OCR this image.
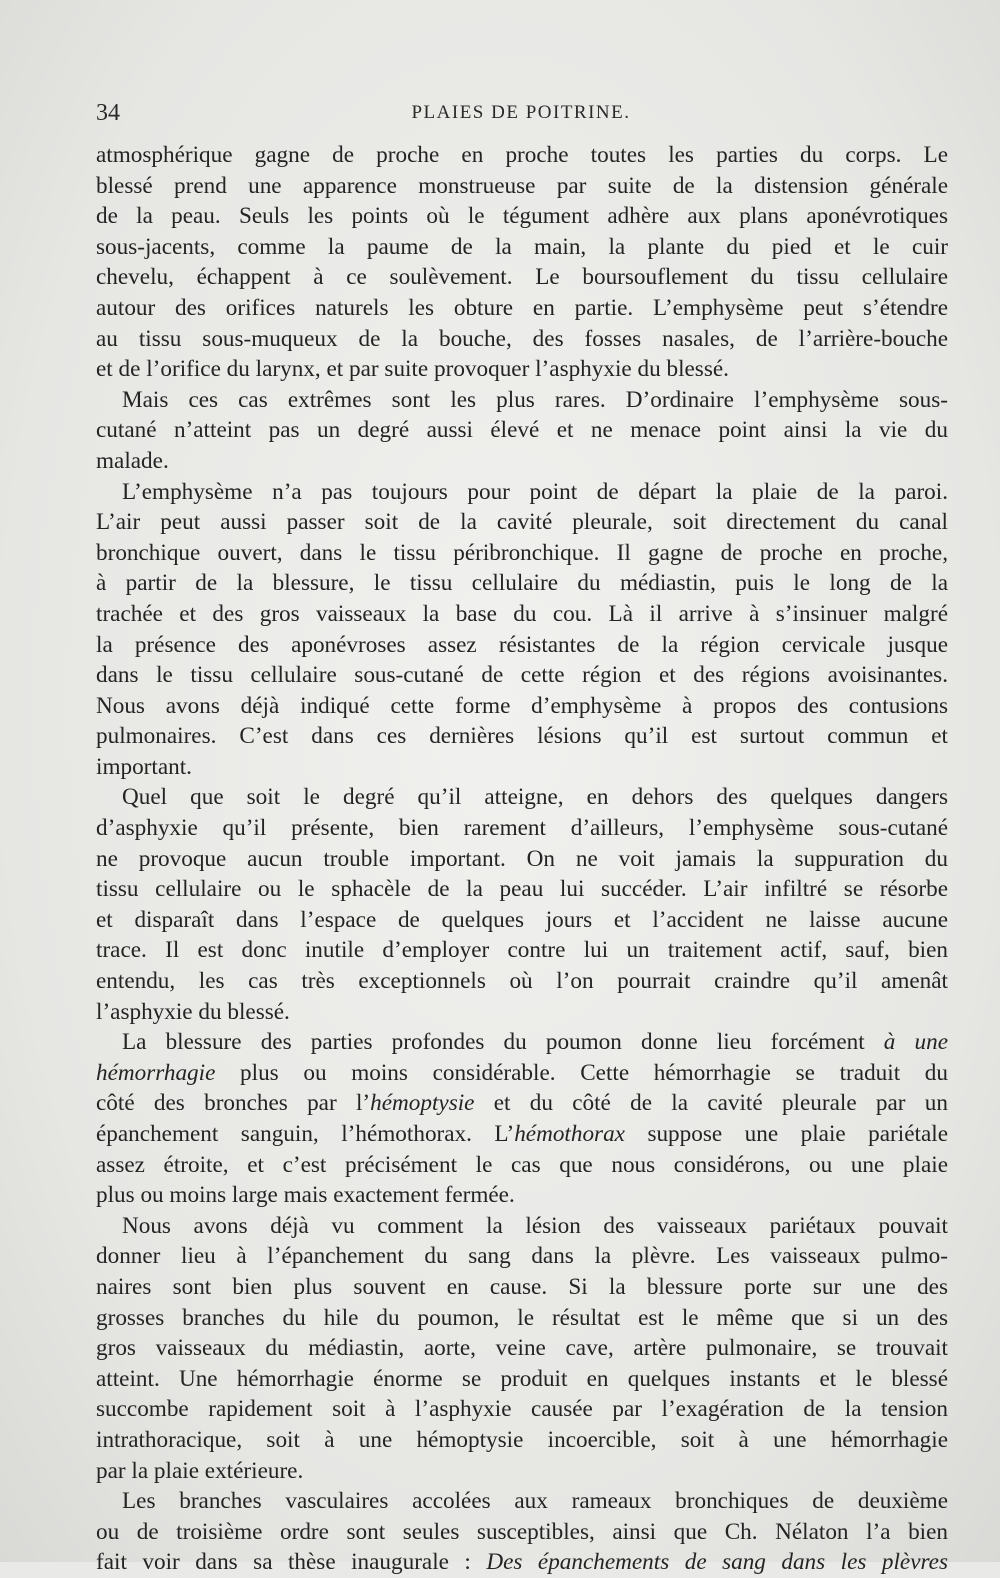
34	PLAIES DE POITRINE.
atmosphérique gagne de proche en proche toutes les parties du corps. Le
blessé prend une apparence monstrueuse par suite de la distension générale
de la peau. Seuls les points où le tégument adhère aux plans aponévrotiques
sous-jacents, comme la paume de la main, la plante du pied et le cuir
chevelu, échappent à ce soulèvement. Le boursouflement du tissu cellulaire
autour des orifices naturels les obture en partie. L’emphysème peut s’étendre
au tissu sous-muqueux de la bouche, des fosses nasales, de l’arrière-bouche
et de l’orifice du larynx, et par suite provoquer l’asphyxie du blessé.
Mais ces cas extrêmes sont les plus rares. D’ordinaire l’emphysème sous-
cutané n’atteint pas un degré aussi élevé et ne menace point ainsi la vie du
malade.
L’emphysème n’a pas toujours pour point de départ la plaie de la paroi.
L’air peut aussi passer soit de la cavité pleurale, soit directement du canal
bronchique ouvert, dans le tissu péribronchique. Il gagne de proche en proche,
à partir de la blessure, le tissu cellulaire du médiastin, puis le long de la
trachée et des gros vaisseaux la base du cou. Là il arrive à s’insinuer malgré
la présence des aponévroses assez résistantes de la région cervicale jusque
dans le tissu cellulaire sous-cutané de cette région et des régions avoisinantes.
Nous avons déjà indiqué cette forme d’emphysème à propos des contusions
pulmonaires. C’est dans ces dernières lésions qu’il est surtout commun et
important.
Quel que soit le degré qu’il atteigne, en dehors des quelques dangers
d’asphyxie qu’il présente, bien rarement d’ailleurs, l’emphysème sous-cutané
ne provoque aucun trouble important. On ne voit jamais la suppuration du
tissu cellulaire ou le sphacèle de la peau lui succéder. L’air infiltré se résorbe
et disparaît dans l’espace de quelques jours et l’accident ne laisse aucune
trace. Il est donc inutile d’employer contre lui un traitement actif, sauf, bien
entendu, les cas très exceptionnels où l’on pourrait craindre qu’il amenât
l’asphyxie du blessé.
La blessure des parties profondes du poumon donne lieu forcément à une
hémorrhagie plus ou moins considérable. Cette hémorrhagie se traduit du
côté des bronches par l’hémoptysie et du côté de la cavité pleurale par un
épanchement sanguin, l’hémothorax. L’hémothorax suppose une plaie pariétale
assez étroite, et c’est précisément le cas que nous considérons, ou une plaie
plus ou moins large mais exactement fermée.
Nous avons déjà vu comment la lésion des vaisseaux pariétaux pouvait
donner lieu à l’épanchement du sang dans la plèvre. Les vaisseaux pulmo-
naires sont bien plus souvent en cause. Si la blessure porte sur une des
grosses branches du hile du poumon, le résultat est le même que si un des
gros vaisseaux du médiastin, aorte, veine cave, artère pulmonaire, se trouvait
atteint. Une hémorrhagie énorme se produit en quelques instants et le blessé
succombe rapidement soit à l’asphyxie causée par l’exagération de la tension
intrathoracique, soit à une hémoptysie incoercible, soit à une hémorrhagie
par la plaie extérieure.
Les branches vasculaires accolées aux rameaux bronchiques de deuxième
ou de troisième ordre sont seules susceptibles, ainsi que Ch. Nélaton l’a bien
fait voir dans sa thèse inaugurale : Des épanchements de sang dans les plèvres
